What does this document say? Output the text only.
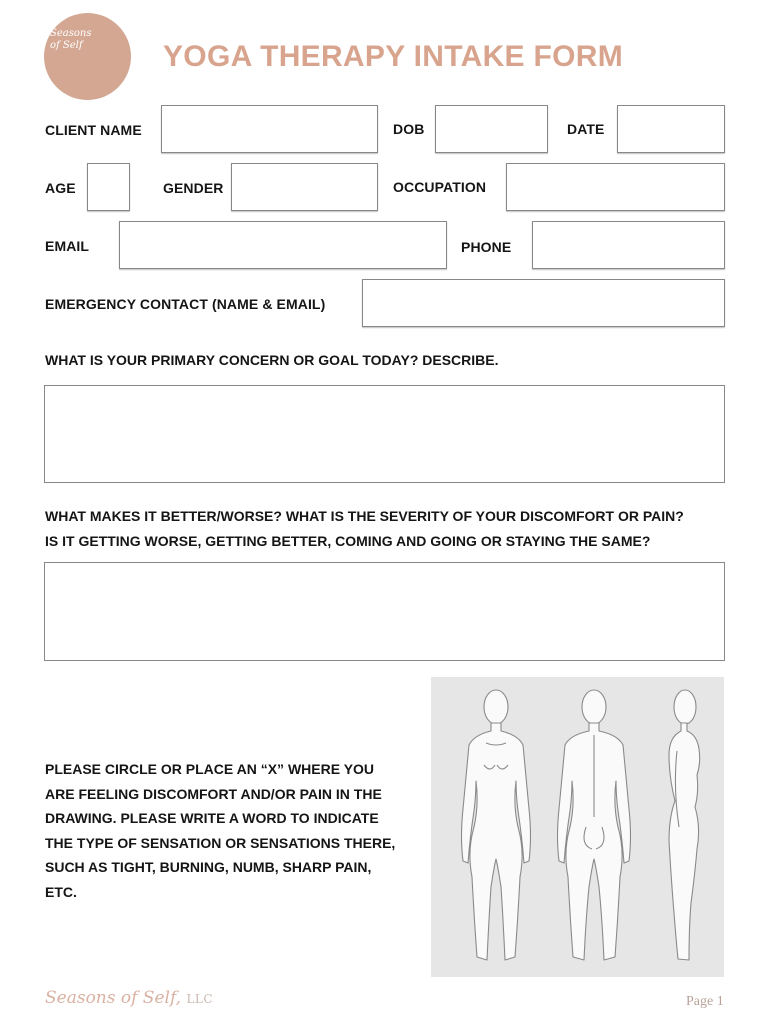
Seasons
of Self	YOGA THERAPY INTAKE FORM
CLIENT NAME	DOB	DATE
AGE	GENDER	OCCUPATION
EMAIL	PHONE
EMERGENCY CONTACT (NAME & EMAIL)
WHAT IS YOUR PRIMARY CONCERN OR GOAL TODAY? DESCRIBE.
WHAT MAKES IT BETTER/WORSE? WHAT IS THE SEVERITY OF YOUR DISCOMFORT OR PAIN?
IS IT GETTING WORSE, GETTING BETTER, COMING AND GOING OR STAYING THE SAME?
PLEASE CIRCLE OR PLACE AN “X” WHERE YOU
ARE FEELING DISCOMFORT AND/OR PAIN IN THE
DRAWING. PLEASE WRITE A WORD TO INDICATE
THE TYPE OF SENSATION OR SENSATIONS THERE,
SUCH AS TIGHT, BURNING, NUMB, SHARP PAIN,
ETC.
Seasons of Self, LLC	Page 1
